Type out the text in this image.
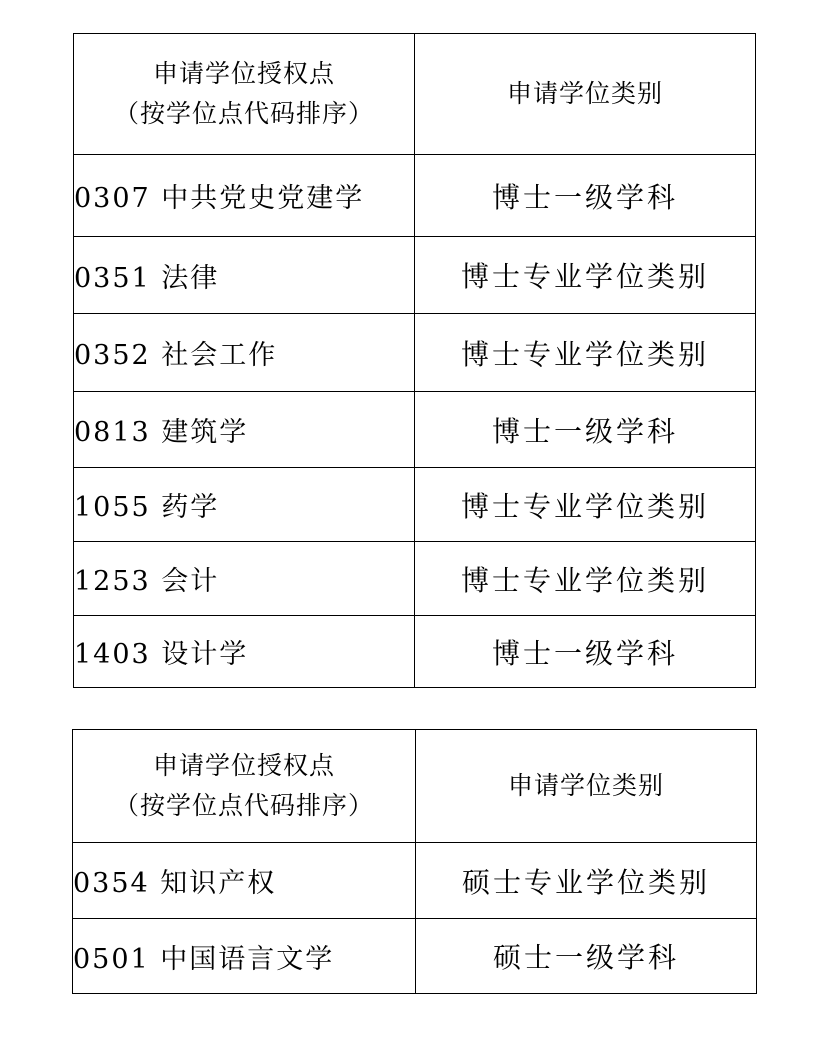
申请学位授权点
（按学位点代码排序）	申请学位类别
0307 中共党史党建学	博士一级学科
0351 法律	博士专业学位类别
0352 社会工作	博士专业学位类别
0813 建筑学	博士一级学科
1055 药学	博士专业学位类别
1253 会计	博士专业学位类别
1403 设计学	博士一级学科
申请学位授权点
（按学位点代码排序）	申请学位类别
0354 知识产权	硕士专业学位类别
0501 中国语言文学	硕士一级学科
